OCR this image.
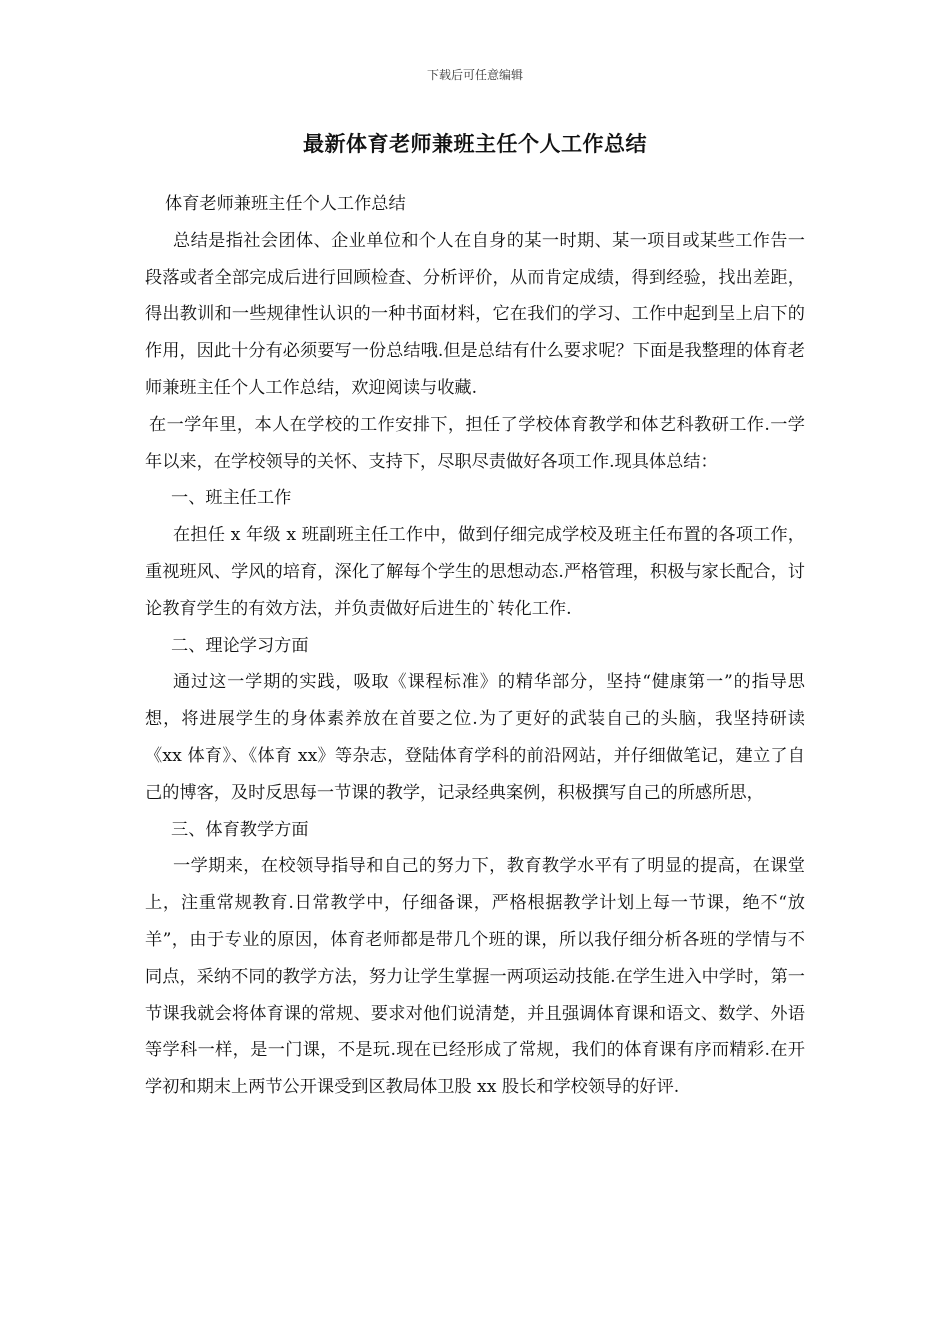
下载后可任意编辑
最新体育老师兼班主任个人工作总结

体育老师兼班主任个人工作总结

总结是指社会团体、企业单位和个人在自身的某一时期、某一项目或某些工作告一段落或者全部完成后进行回顾检查、分析评价，从而肯定成绩，得到经验，找出差距，得出教训和一些规律性认识的一种书面材料，它在我们的学习、工作中起到呈上启下的作用，因此十分有必须要写一份总结哦.但是总结有什么要求呢？下面是我整理的体育老师兼班主任个人工作总结，欢迎阅读与收藏.

在一学年里，本人在学校的工作安排下，担任了学校体育教学和体艺科教研工作.一学年以来，在学校领导的关怀、支持下，尽职尽责做好各项工作.现具体总结：

一、班主任工作

在担任 x 年级 x 班副班主任工作中，做到仔细完成学校及班主任布置的各项工作，重视班风、学风的培育，深化了解每个学生的思想动态.严格管理，积极与家长配合，讨论教育学生的有效方法，并负责做好后进生的`转化工作.

二、理论学习方面

通过这一学期的实践，吸取《课程标准》的精华部分，坚持“健康第一”的指导思想，将进展学生的身体素养放在首要之位.为了更好的武装自己的头脑，我坚持研读《xx 体育》、《体育 xx》等杂志，登陆体育学科的前沿网站，并仔细做笔记，建立了自己的博客，及时反思每一节课的教学，记录经典案例，积极撰写自己的所感所思，

三、体育教学方面

一学期来，在校领导指导和自己的努力下，教育教学水平有了明显的提高，在课堂上，注重常规教育.日常教学中，仔细备课，严格根据教学计划上每一节课，绝不“放羊”，由于专业的原因，体育老师都是带几个班的课，所以我仔细分析各班的学情与不同点，采纳不同的教学方法，努力让学生掌握一两项运动技能.在学生进入中学时，第一节课我就会将体育课的常规、要求对他们说清楚，并且强调体育课和语文、数学、外语等学科一样，是一门课，不是玩.现在已经形成了常规，我们的体育课有序而精彩.在开学初和期末上两节公开课受到区教局体卫股 xx 股长和学校领导的好评.
